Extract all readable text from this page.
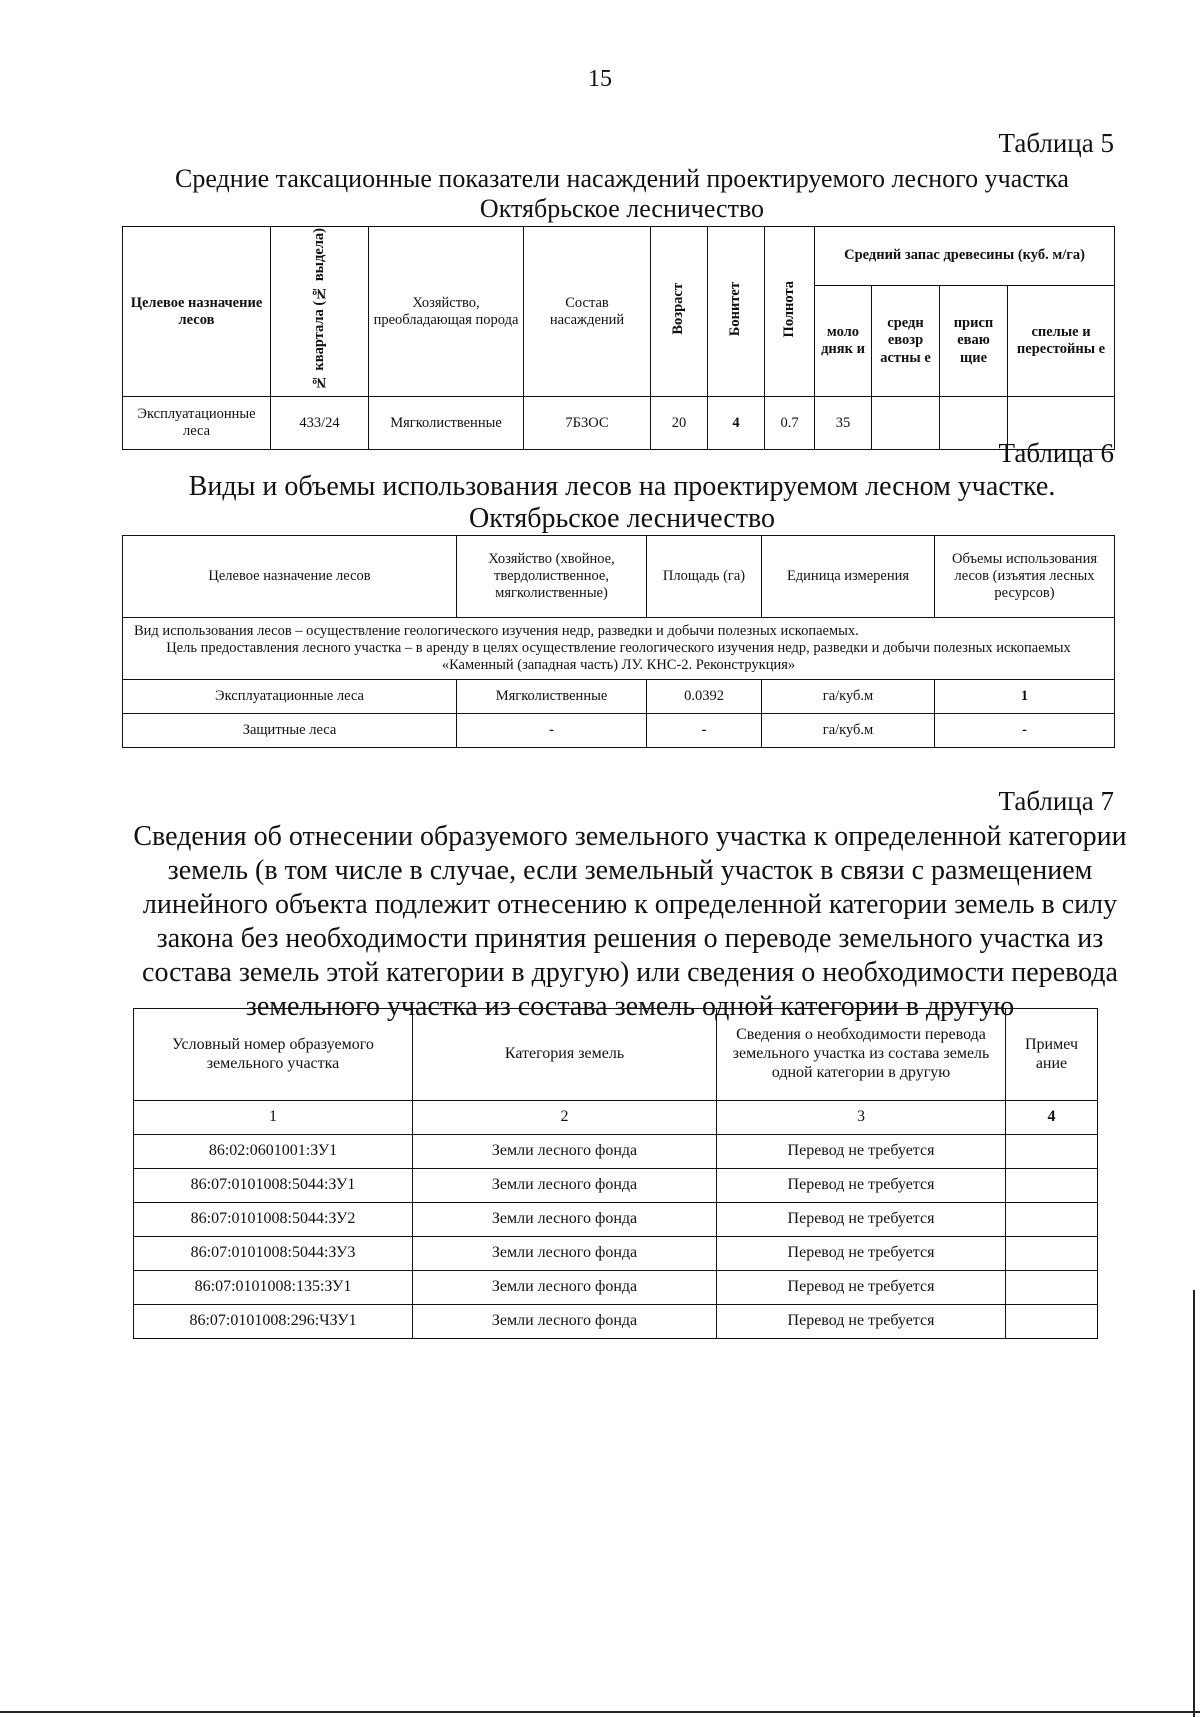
15
Таблица 5
Средние таксационные показатели насаждений проектируемого лесного участка
Октябрьское лесничество
Целевое назначение лесов	№ квартала (№ выдела)	Хозяйство, преобладающая порода	Состав насаждений	Возраст	Бонитет	Полнота	Средний запас древесины (куб. м/га)			
							моло дняк и	средн евозр астны е	присп еваю щие	спелые и перестойны е
Эксплуатационные леса	433/24	Мягколиственные	7Б3ОС	20	4	0.7	35			
Таблица 6
Виды и объемы использования лесов на проектируемом лесном участке.
Октябрьское лесничество
Целевое назначение лесов	Хозяйство (хвойное, твердолиственное, мягколиственные)	Площадь (га)	Единица измерения	Объемы использования лесов (изъятия лесных ресурсов)

Вид использования лесов – осуществление геологического изучения недр, разведки и добычи полезных ископаемых.
Цель предоставления лесного участка – в аренду в целях осуществление геологического изучения недр, разведки и добычи полезных ископаемых «Каменный (западная часть) ЛУ. КНС-2. Реконструкция»				

Эксплуатационные леса	Мягколиственные	0.0392	га/куб.м	1
Защитные леса	-	-	га/куб.м	-
Таблица 7
Сведения об отнесении образуемого земельного участка к определенной категории
земель (в том числе в случае, если земельный участок в связи с размещением
линейного объекта подлежит отнесению к определенной категории земель в силу
закона без необходимости принятия решения о переводе земельного участка из
состава земель этой категории в другую) или сведения о необходимости перевода
земельного участка из состава земель одной категории в другую
Условный номер образуемого земельного участка	Категория земель	Сведения о необходимости перевода земельного участка из состава земель одной категории в другую	Примеч ание
1	2	3	4
86:02:0601001:ЗУ1	Земли лесного фонда	Перевод не требуется	
86:07:0101008:5044:ЗУ1	Земли лесного фонда	Перевод не требуется	
86:07:0101008:5044:ЗУ2	Земли лесного фонда	Перевод не требуется	
86:07:0101008:5044:ЗУ3	Земли лесного фонда	Перевод не требуется	
86:07:0101008:135:ЗУ1	Земли лесного фонда	Перевод не требуется	
86:07:0101008:296:ЧЗУ1	Земли лесного фонда	Перевод не требуется	
